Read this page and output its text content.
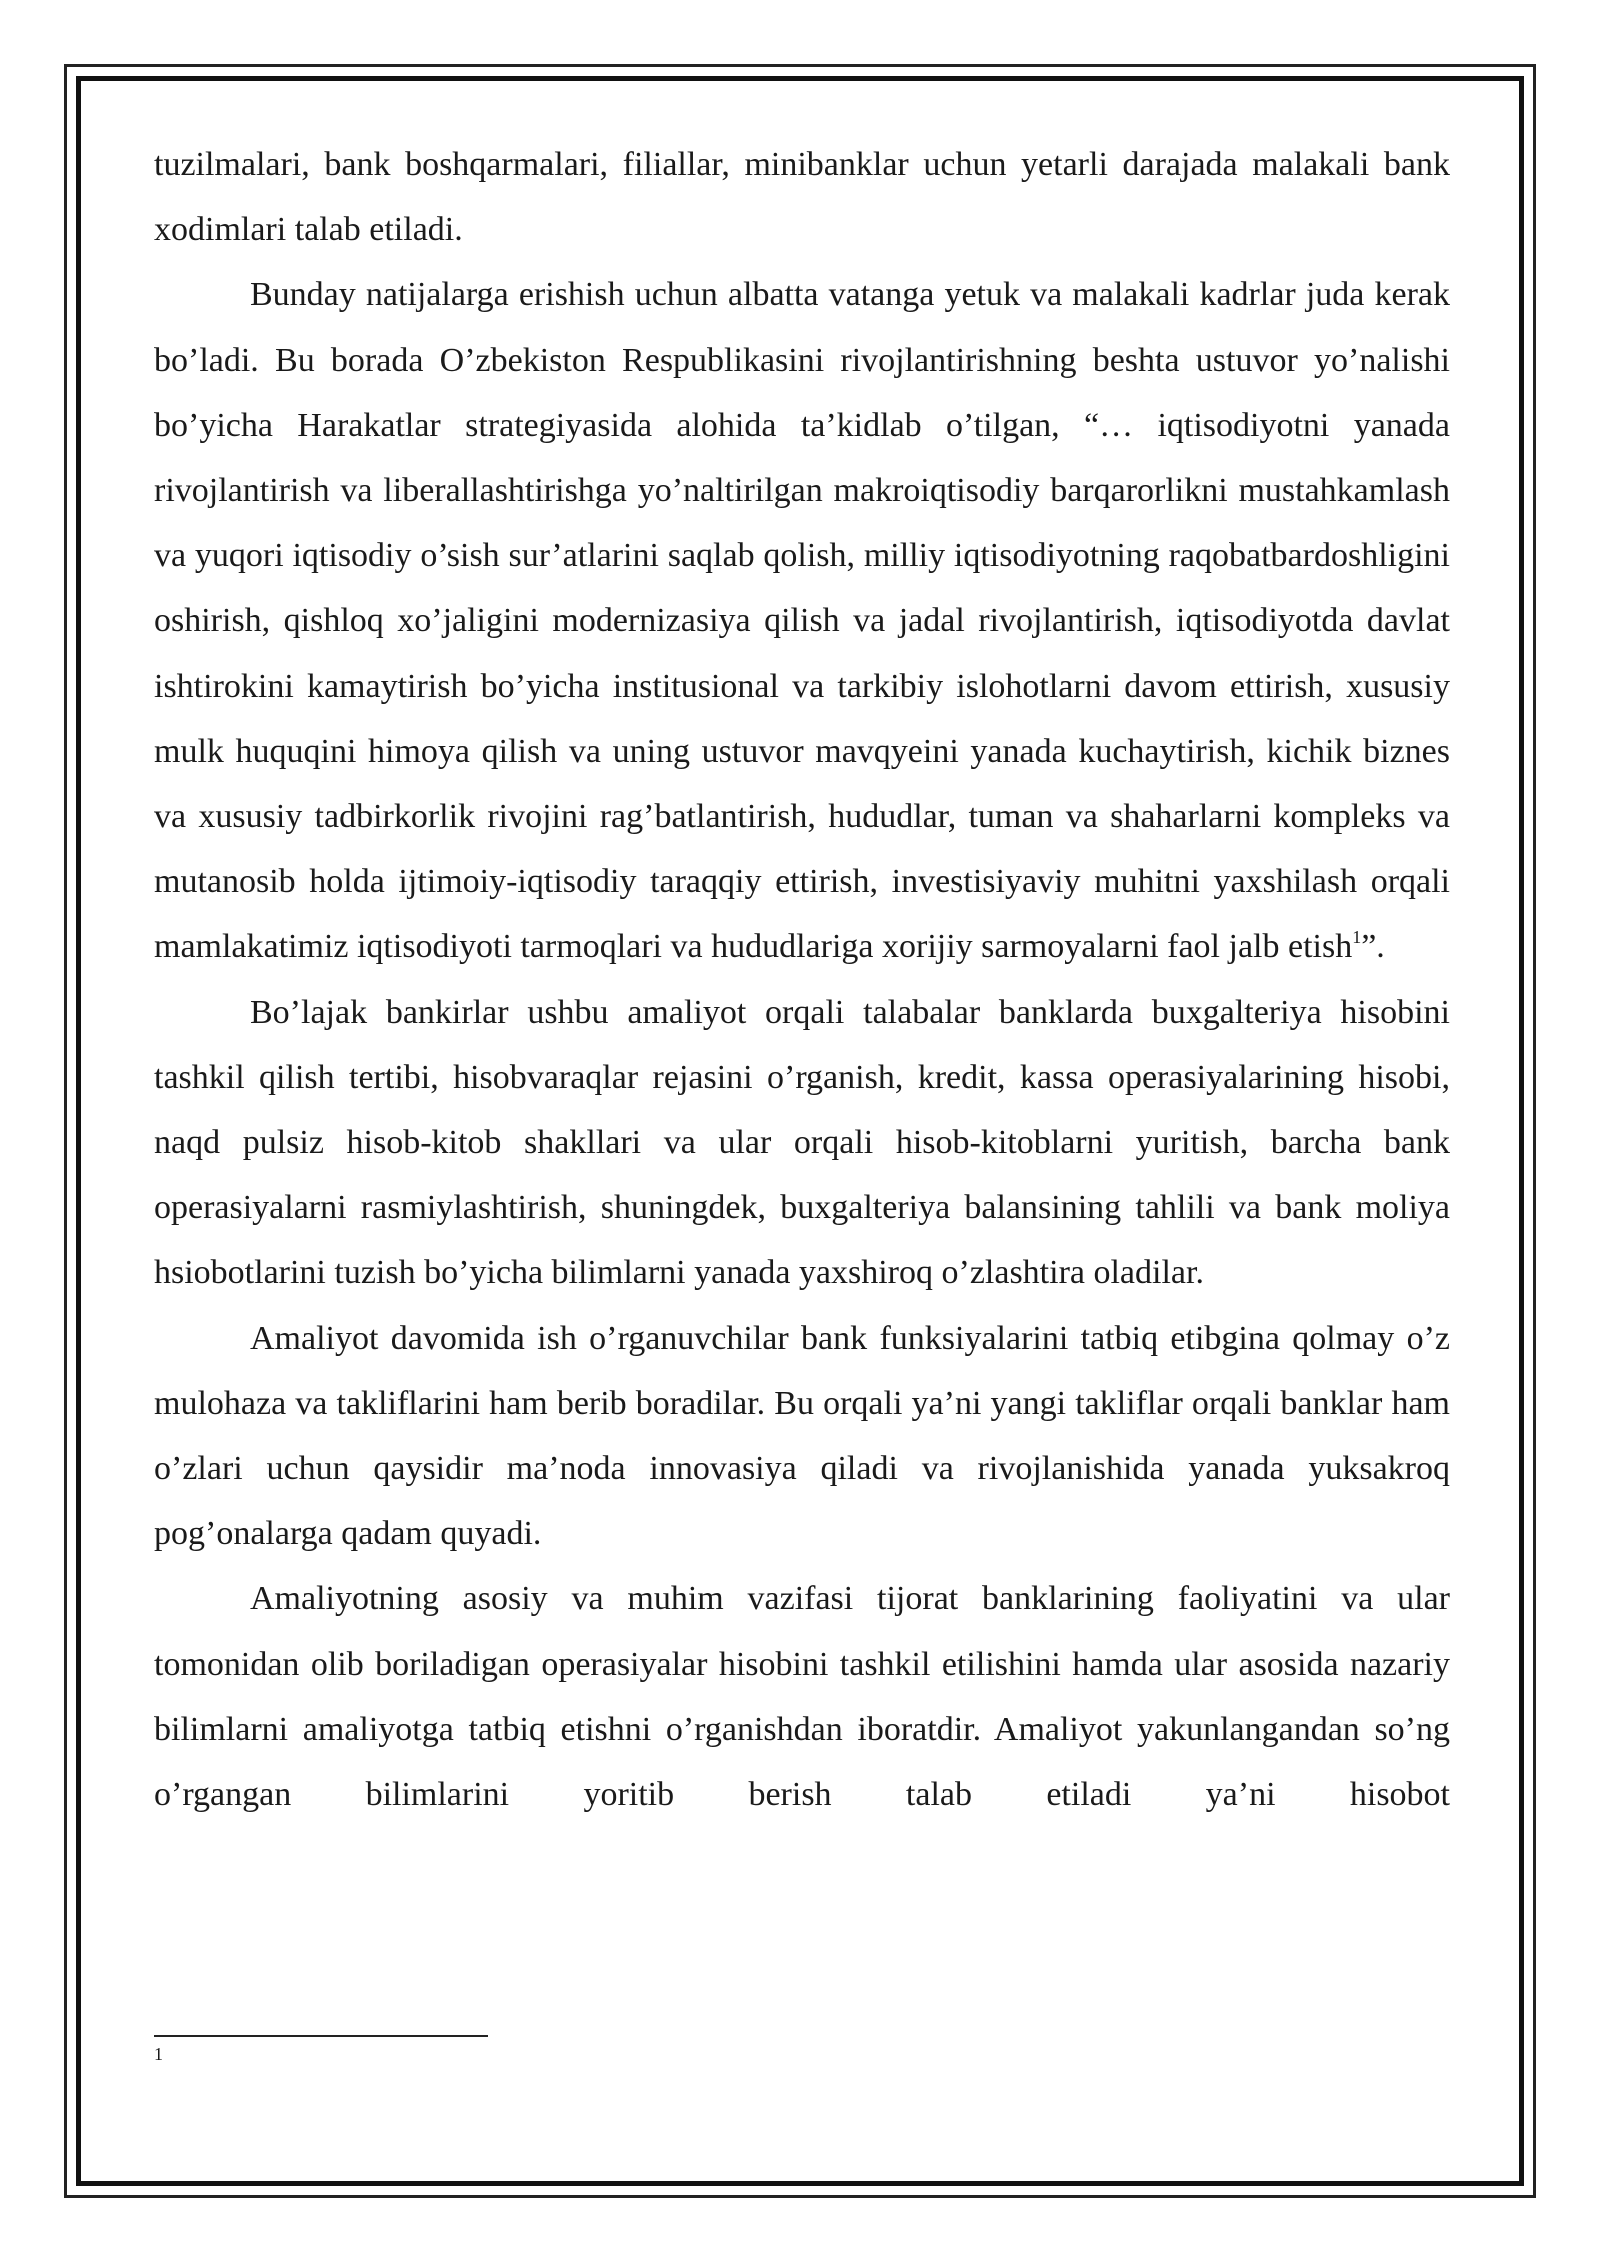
tuzilmalari, bank boshqarmalari, filiallar, minibanklar uchun yetarli darajada malakali bank xodimlari talab etiladi.

Bunday natijalarga erishish uchun albatta vatanga yetuk va malakali kadrlar juda kerak bo’ladi. Bu borada O’zbekiston Respublikasini rivojlantirishning beshta ustuvor yo’nalishi bo’yicha Harakatlar strategiyasida alohida ta’kidlab o’tilgan, “… iqtisodiyotni yanada rivojlantirish va liberallashtirishga yo’naltirilgan makroiqtisodiy barqarorlikni mustahkamlash va yuqori iqtisodiy o’sish sur’atlarini saqlab qolish, milliy iqtisodiyotning raqobatbardoshligini oshirish, qishloq xo’jaligini modernizasiya qilish va jadal rivojlantirish, iqtisodiyotda davlat ishtirokini kamaytirish bo’yicha institusional va tarkibiy islohotlarni davom ettirish, xususiy mulk huquqini himoya qilish va uning ustuvor mavqyeini yanada kuchaytirish, kichik biznes va xususiy tadbirkorlik rivojini rag’batlantirish, hududlar, tuman va shaharlarni kompleks va mutanosib holda ijtimoiy-iqtisodiy taraqqiy ettirish, investisiyaviy muhitni yaxshilash orqali mamlakatimiz iqtisodiyoti tarmoqlari va hududlariga xorijiy sarmoyalarni faol jalb etish$^1$”.

Bo’lajak bankirlar ushbu amaliyot orqali talabalar banklarda buxgalteriya hisobini tashkil qilish tertibi, hisobvaraqlar rejasini o’rganish, kredit, kassa operasiyalarining hisobi, naqd pulsiz hisob-kitob shakllari va ular orqali hisob-kitoblarni yuritish, barcha bank operasiyalarni rasmiylashtirish, shuningdek, buxgalteriya balansining tahlili va bank moliya hsiobotlarini tuzish bo’yicha bilimlarni yanada yaxshiroq o’zlashtira oladilar.

Amaliyot davomida ish o’rganuvchilar bank funksiyalarini tatbiq etibgina qolmay o’z mulohaza va takliflarini ham berib boradilar. Bu orqali ya’ni yangi takliflar orqali banklar ham o’zlari uchun qaysidir ma’noda innovasiya qiladi va rivojlanishida yanada yuksakroq pog’onalarga qadam quyadi.

Amaliyotning asosiy va muhim vazifasi tijorat banklarining faoliyatini va ular tomonidan olib boriladigan operasiyalar hisobini tashkil etilishini hamda ular asosida nazariy bilimlarni amaliyotga tatbiq etishni o’rganishdan iboratdir. Amaliyot yakunlangandan so’ng o’rgangan bilimlarini yoritib berish talab etiladi ya’ni hisobot

1
